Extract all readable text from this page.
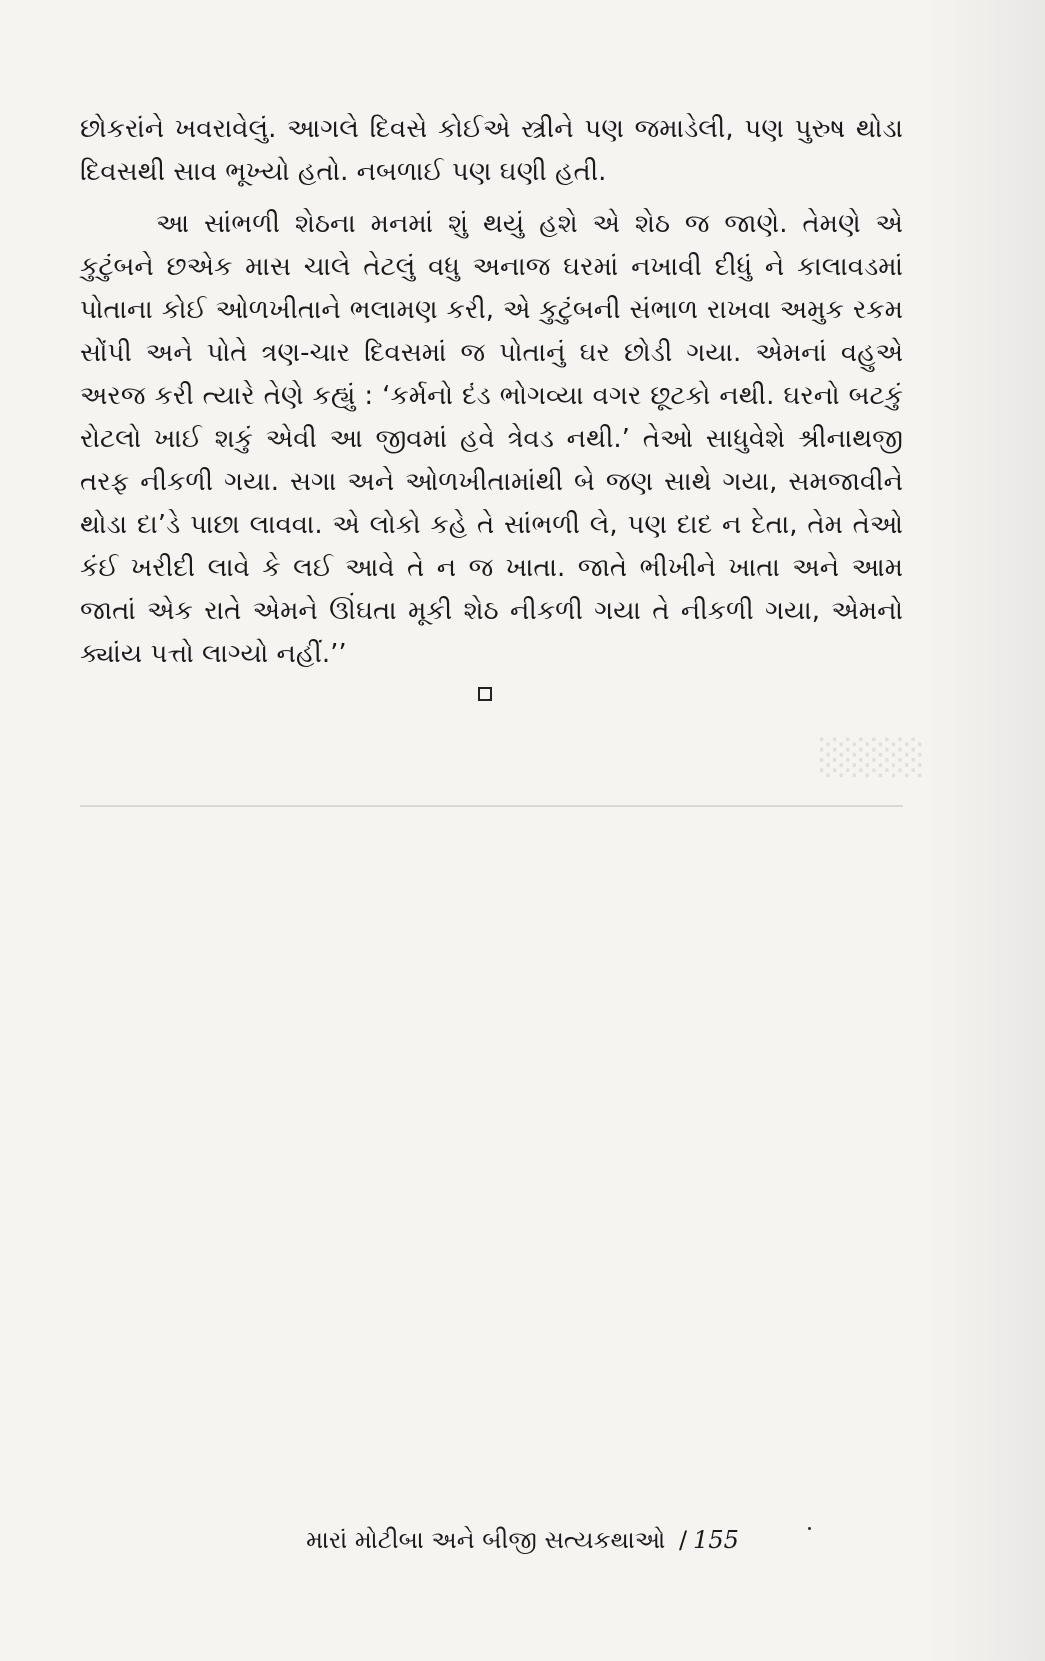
છોકરાંને ખવરાવેલું. આગલે દિવસે કોઈએ સ્ત્રીને પણ જમાડેલી, પણ પુરુષ થોડા દિવસથી સાવ ભૂખ્યો હતો. નબળાઈ પણ ઘણી હતી.

આ સાંભળી શેઠના મનમાં શું થયું હશે એ શેઠ જ જાણે. તેમણે એ કુટુંબને છએક માસ ચાલે તેટલું વધુ અનાજ ઘરમાં નખાવી દીધું ને કાલાવડમાં પોતાના કોઈ ઓળખીતાને ભલામણ કરી, એ કુટુંબની સંભાળ રાખવા અમુક રકમ સોંપી અને પોતે ત્રણ-ચાર દિવસમાં જ પોતાનું ઘર છોડી ગયા. એમનાં વહુએ અરજ કરી ત્યારે તેણે કહ્યું : ‘કર્મનો દંડ ભોગવ્યા વગર છૂટકો નથી. ઘરનો બટકું રોટલો ખાઈ શકું એવી આ જીવમાં હવે ત્રેવડ નથી.’ તેઓ સાધુવેશે શ્રીનાથજી તરફ નીકળી ગયા. સગા અને ઓળખીતામાંથી બે જણ સાથે ગયા, સમજાવીને થોડા દા’ડે પાછા લાવવા. એ લોકો કહે તે સાંભળી લે, પણ દાદ ન દેતા, તેમ તેઓ કંઈ ખરીદી લાવે કે લઈ આવે તે ન જ ખાતા. જાતે ભીખીને ખાતા અને આમ જાતાં એક રાતે એમને ઊંઘતા મૂકી શેઠ નીકળી ગયા તે નીકળી ગયા, એમનો ક્યાંય પત્તો લાગ્યો નહીં.’’

░░░░
મારાં મોટીબા અને બીજી સત્યકથાઓ / 155
